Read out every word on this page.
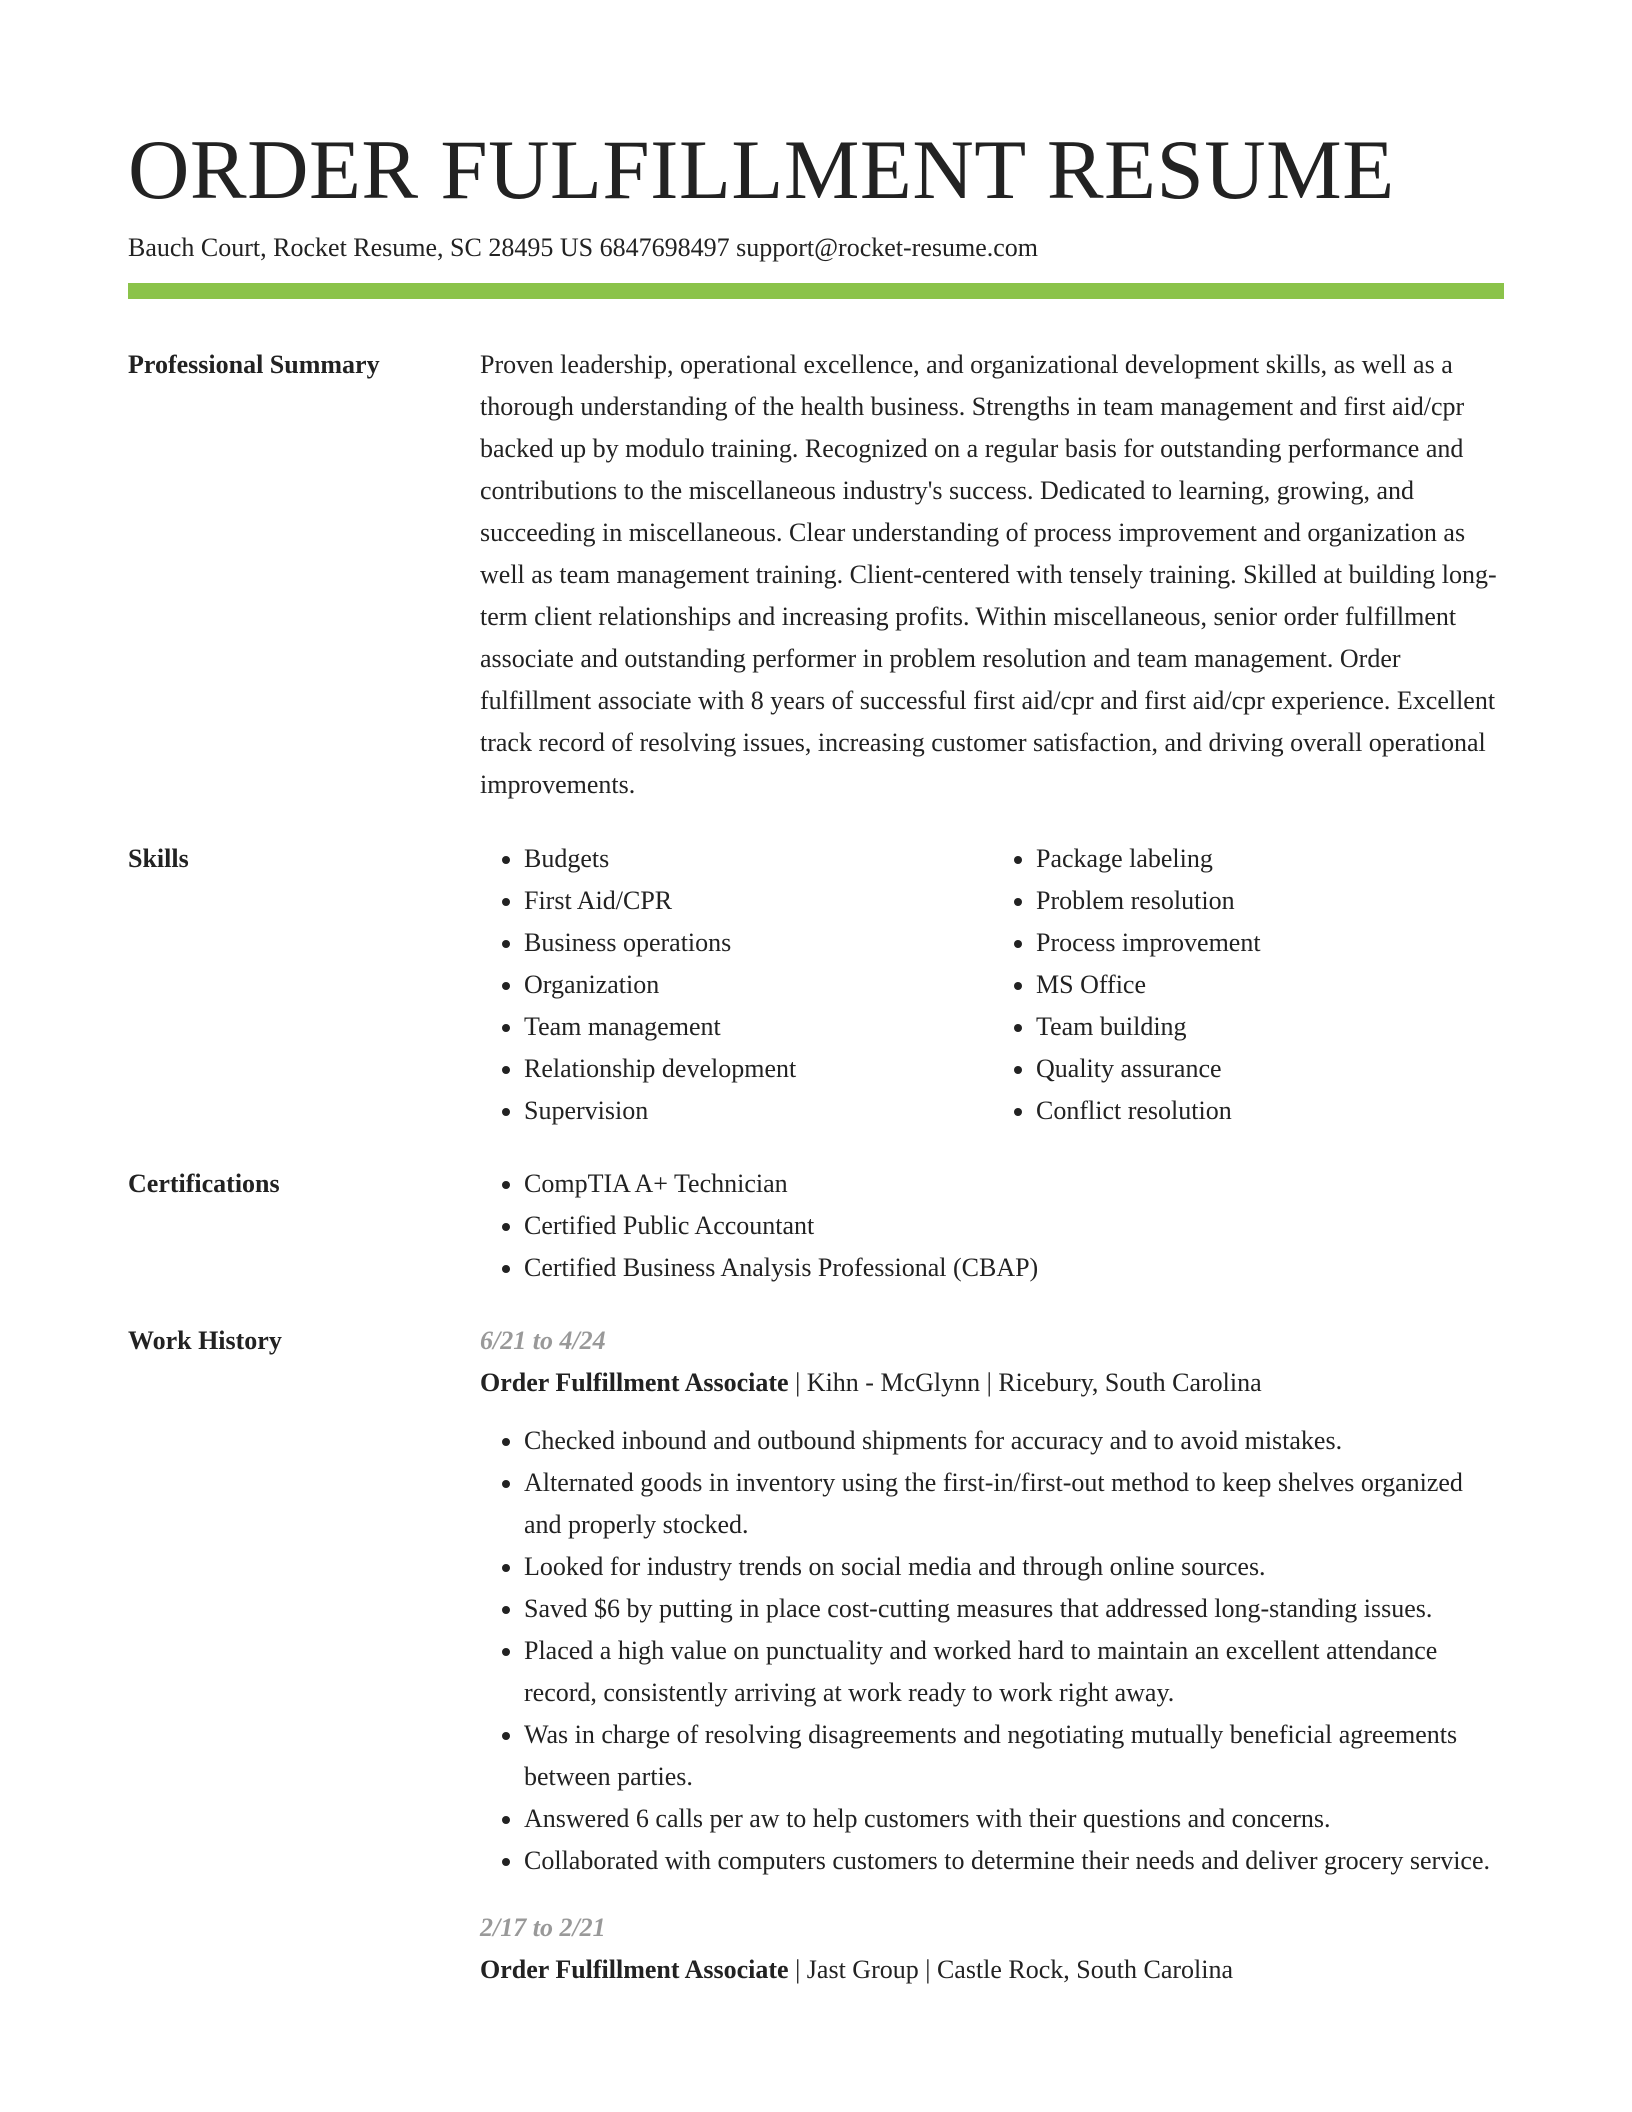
ORDER FULFILLMENT RESUME
Bauch Court, Rocket Resume, SC 28495 US 6847698497 support@rocket-resume.com
Professional Summary	Proven leadership, operational excellence, and organizational development skills, as well as a thorough understanding of the health business. Strengths in team management and first aid/cpr backed up by modulo training. Recognized on a regular basis for outstanding performance and contributions to the miscellaneous industry's success. Dedicated to learning, growing, and succeeding in miscellaneous. Clear understanding of process improvement and organization as well as team management training. Client-centered with tensely training. Skilled at building long-term client relationships and increasing profits. Within miscellaneous, senior order fulfillment associate and outstanding performer in problem resolution and team management. Order fulfillment associate with 8 years of successful first aid/cpr and first aid/cpr experience. Excellent track record of resolving issues, increasing customer satisfaction, and driving overall operational improvements.

Skills	• Budgets
• First Aid/CPR
• Business operations
• Organization
• Team management
• Relationship development
• Supervision
• Package labeling
• Problem resolution
• Process improvement
• MS Office
• Team building
• Quality assurance
• Conflict resolution
Certifications	• CompTIA A+ Technician
• Certified Public Accountant
• Certified Business Analysis Professional (CBAP)
Work History	6/21 to 4/24
Order Fulfillment Associate | Kihn - McGlynn | Ricebury, South Carolina
• Checked inbound and outbound shipments for accuracy and to avoid mistakes.
• Alternated goods in inventory using the first-in/first-out method to keep shelves organized and properly stocked.
• Looked for industry trends on social media and through online sources.
• Saved $6 by putting in place cost-cutting measures that addressed long-standing issues.
• Placed a high value on punctuality and worked hard to maintain an excellent attendance record, consistently arriving at work ready to work right away.
• Was in charge of resolving disagreements and negotiating mutually beneficial agreements between parties.
• Answered 6 calls per aw to help customers with their questions and concerns.
• Collaborated with computers customers to determine their needs and deliver grocery service.
2/17 to 2/21
Order Fulfillment Associate | Jast Group | Castle Rock, South Carolina
